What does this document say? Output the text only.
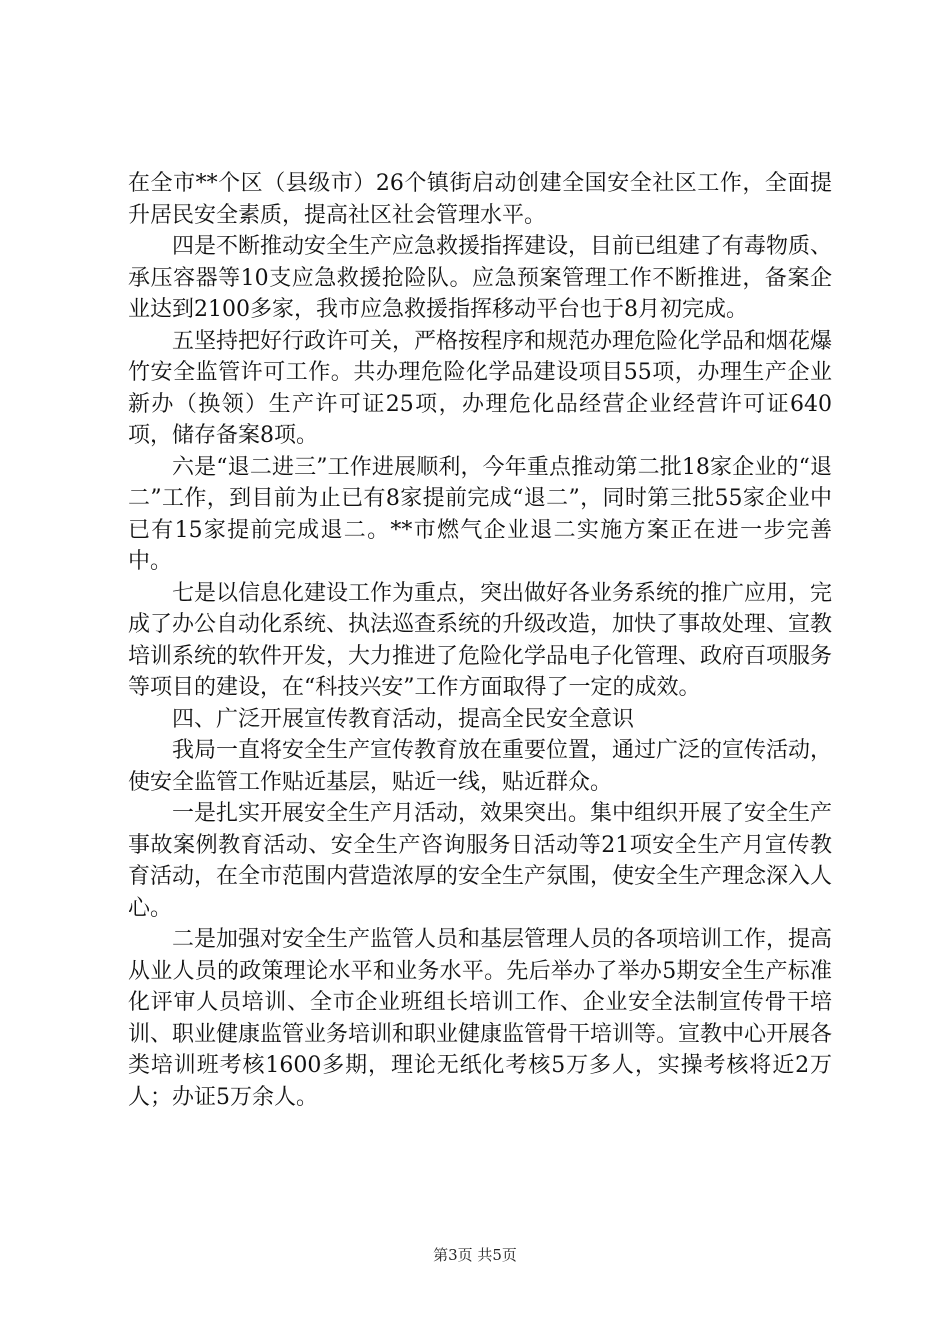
在全市**个区（县级市）26个镇街启动创建全国安全社区工作，全面提升居民安全素质，提高社区社会管理水平。

四是不断推动安全生产应急救援指挥建设，目前已组建了有毒物质、承压容器等10支应急救援抢险队。应急预案管理工作不断推进，备案企业达到2100多家，我市应急救援指挥移动平台也于8月初完成。

五坚持把好行政许可关，严格按程序和规范办理危险化学品和烟花爆竹安全监管许可工作。共办理危险化学品建设项目55项，办理生产企业新办（换领）生产许可证25项，办理危化品经营企业经营许可证640项，储存备案8项。

六是“退二进三”工作进展顺利，今年重点推动第二批18家企业的“退二”工作，到目前为止已有8家提前完成“退二”，同时第三批55家企业中已有15家提前完成退二。**市燃气企业退二实施方案正在进一步完善中。

七是以信息化建设工作为重点，突出做好各业务系统的推广应用，完成了办公自动化系统、执法巡查系统的升级改造，加快了事故处理、宣教培训系统的软件开发，大力推进了危险化学品电子化管理、政府百项服务等项目的建设，在“科技兴安”工作方面取得了一定的成效。

四、广泛开展宣传教育活动，提高全民安全意识

我局一直将安全生产宣传教育放在重要位置，通过广泛的宣传活动，使安全监管工作贴近基层，贴近一线，贴近群众。

一是扎实开展安全生产月活动，效果突出。集中组织开展了安全生产事故案例教育活动、安全生产咨询服务日活动等21项安全生产月宣传教育活动，在全市范围内营造浓厚的安全生产氛围，使安全生产理念深入人心。

二是加强对安全生产监管人员和基层管理人员的各项培训工作，提高从业人员的政策理论水平和业务水平。先后举办了举办5期安全生产标准化评审人员培训、全市企业班组长培训工作、企业安全法制宣传骨干培训、职业健康监管业务培训和职业健康监管骨干培训等。宣教中心开展各类培训班考核1600多期，理论无纸化考核5万多人，实操考核将近2万人；办证5万余人。

第3页 共5页
